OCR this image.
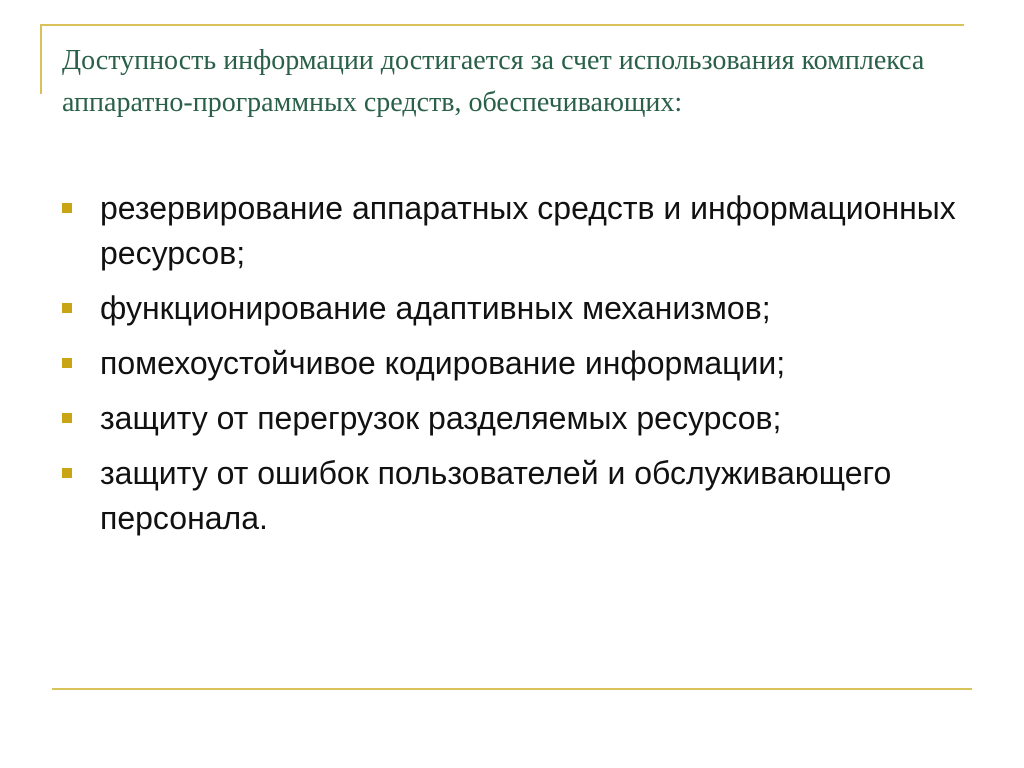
Доступность информации достигается за счет использования комплекса аппаратно-программных средств, обеспечивающих:
резервирование аппаратных средств и информационных ресурсов;
функционирование адаптивных механизмов;
помехоустойчивое кодирование информации;
защиту от перегрузок разделяемых ресурсов;
защиту от ошибок пользователей и обслуживающего персонала.
